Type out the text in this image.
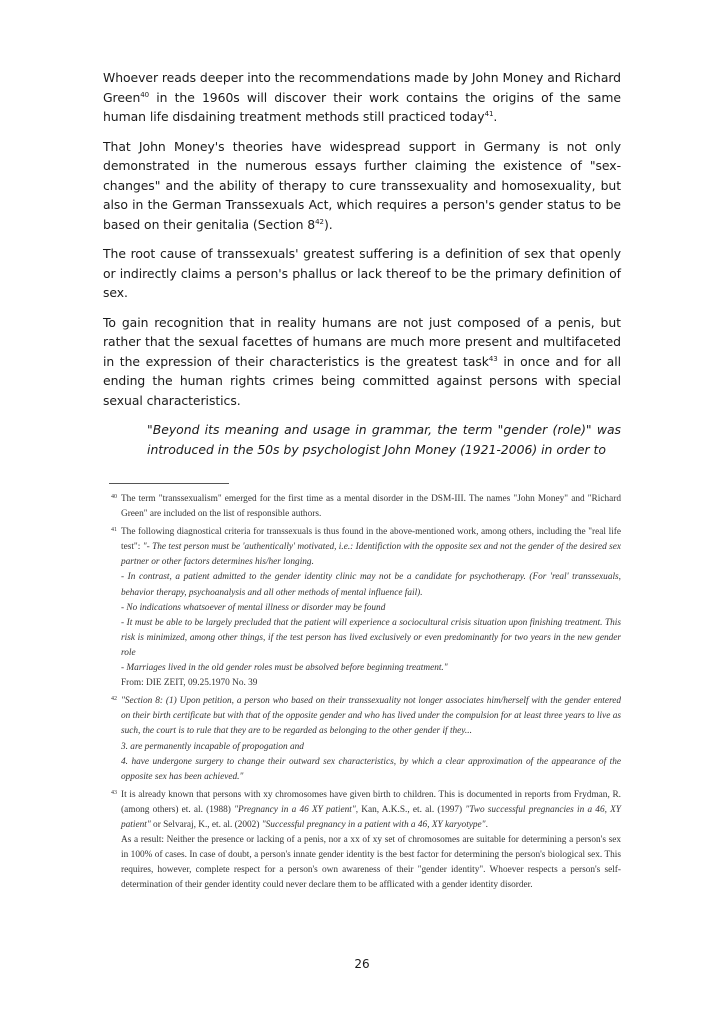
Whoever reads deeper into the recommendations made by John Money and Richard Green$^{40}$ in the 1960s will discover their work contains the origins of the same human life disdaining treatment methods still practiced today$^{41}$.

That John Money's theories have widespread support in Germany is not only demonstrated in the numerous essays further claiming the existence of "sex-changes" and the ability of therapy to cure transsexuality and homosexuality, but also in the German Transsexuals Act, which requires a person's gender status to be based on their genitalia (Section $8^{42}$).

The root cause of transsexuals' greatest suffering is a definition of sex that openly or indirectly claims a person's phallus or lack thereof to be the primary definition of sex.

To gain recognition that in reality humans are not just composed of a penis, but rather that the sexual facettes of humans are much more present and multifaceted in the expression of their characteristics is the greatest task$^{43}$ in once and for all ending the human rights crimes being committed against persons with special sexual characteristics.

"Beyond its meaning and usage in grammar, the term "gender (role)" was introduced in the 50s by psychologist John Money (1921-2006) in order to

40 The term "transsexualism" emerged for the first time as a mental disorder in the DSM-III. The names "John Money" and "Richard Green" are included on the list of responsible authors.
41 The following diagnostical criteria for transsexuals is thus found in the above-mentioned work, among others, including the "real life test": "- The test person must be 'authentically' motivated, i.e.: Identifiction with the opposite sex and not the gender of the desired sex partner or other factors determines his/her longing.
- In contrast, a patient admitted to the gender identity clinic may not be a candidate for psychotherapy. (For 'real' transsexuals, behavior therapy, psychoanalysis and all other methods of mental influence fail).
- No indications whatsoever of mental illness or disorder may be found
- It must be able to be largely precluded that the patient will experience a sociocultural crisis situation upon finishing treatment. This risk is minimized, among other things, if the test person has lived exclusively or even predominantly for two years in the new gender role
- Marriages lived in the old gender roles must be absolved before beginning treatment."
From: DIE ZEIT, 09.25.1970 No. 39
42 "Section 8: (1) Upon petition, a person who based on their transsexuality not longer associates him/herself with the gender entered on their birth certificate but with that of the opposite gender and who has lived under the compulsion for at least three years to live as such, the court is to rule that they are to be regarded as belonging to the other gender if they...
3. are permanently incapable of propogation and
4. have undergone surgery to change their outward sex characteristics, by which a clear approximation of the appearance of the opposite sex has been achieved."
43 It is already known that persons with xy chromosomes have given birth to children. This is documented in reports from Frydman, R. (among others) et. al. (1988) "Pregnancy in a 46 XY patient", Kan, A.K.S., et. al. (1997) "Two successful pregnancies in a 46, XY patient" or Selvaraj, K., et. al. (2002) "Successful pregnancy in a patient with a 46, XY karyotype".
As a result: Neither the presence or lacking of a penis, nor a xx of xy set of chromosomes are suitable for determining a person's sex in 100% of cases. In case of doubt, a person's innate gender identity is the best factor for determining the person's biological sex. This requires, however, complete respect for a person's own awareness of their "gender identity". Whoever respects a person's self-determination of their gender identity could never declare them to be afflicated with a gender identity disorder.
26
